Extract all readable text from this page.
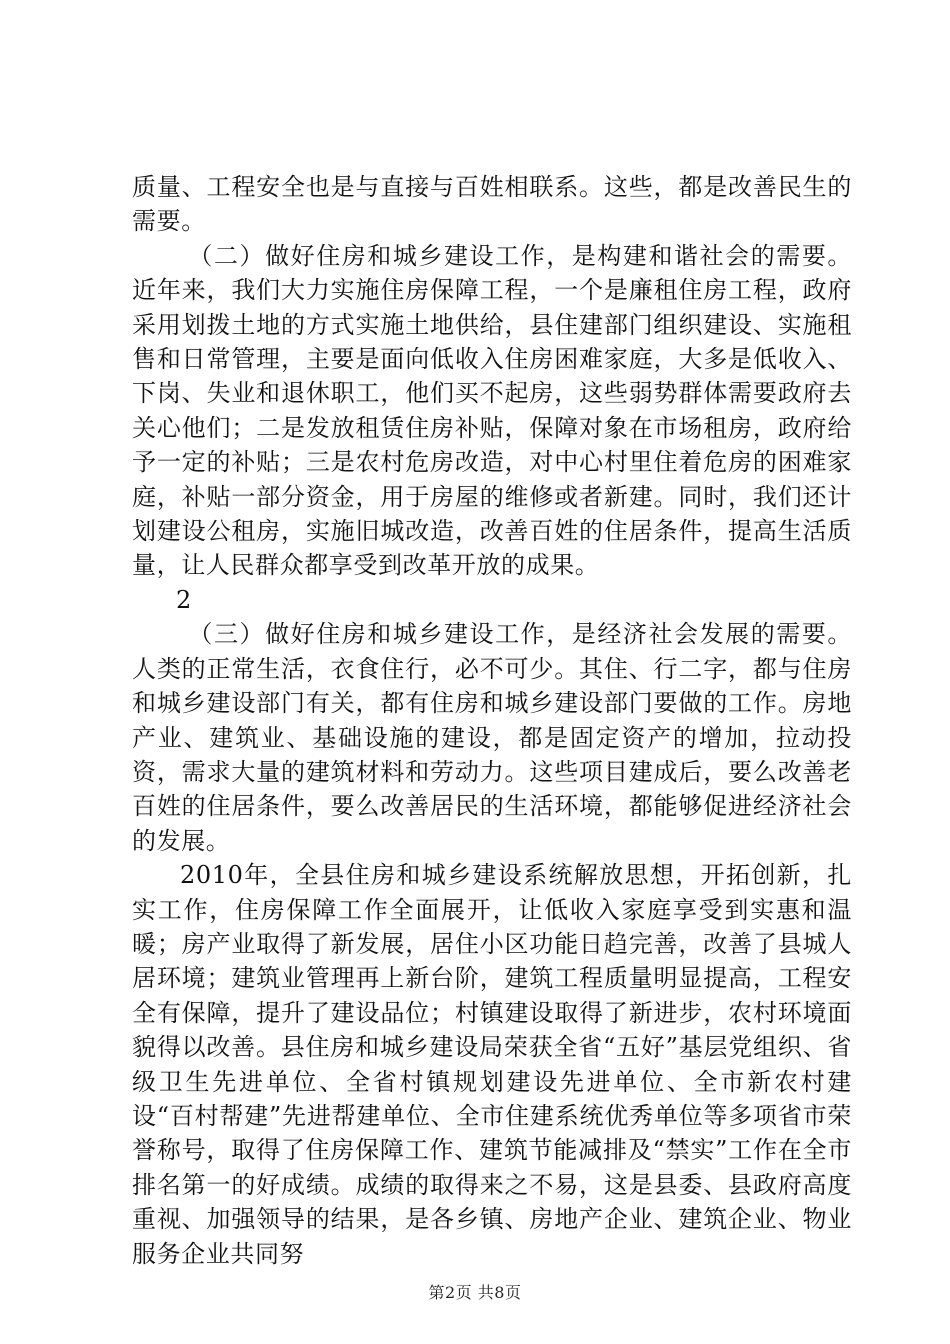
质量、工程安全也是与直接与百姓相联系。这些，都是改善民生的需要。

（二）做好住房和城乡建设工作，是构建和谐社会的需要。近年来，我们大力实施住房保障工程，一个是廉租住房工程，政府采用划拨土地的方式实施土地供给，县住建部门组织建设、实施租售和日常管理，主要是面向低收入住房困难家庭，大多是低收入、下岗、失业和退休职工，他们买不起房，这些弱势群体需要政府去关心他们；二是发放租赁住房补贴，保障对象在市场租房，政府给予一定的补贴；三是农村危房改造，对中心村里住着危房的困难家庭，补贴一部分资金，用于房屋的维修或者新建。同时，我们还计划建设公租房，实施旧城改造，改善百姓的住居条件，提高生活质量，让人民群众都享受到改革开放的成果。

2

（三）做好住房和城乡建设工作，是经济社会发展的需要。人类的正常生活，衣食住行，必不可少。其住、行二字，都与住房和城乡建设部门有关，都有住房和城乡建设部门要做的工作。房地产业、建筑业、基础设施的建设，都是固定资产的增加，拉动投资，需求大量的建筑材料和劳动力。这些项目建成后，要么改善老百姓的住居条件，要么改善居民的生活环境，都能够促进经济社会的发展。

2010年，全县住房和城乡建设系统解放思想，开拓创新，扎实工作，住房保障工作全面展开，让低收入家庭享受到实惠和温暖；房产业取得了新发展，居住小区功能日趋完善，改善了县城人居环境；建筑业管理再上新台阶，建筑工程质量明显提高，工程安全有保障，提升了建设品位；村镇建设取得了新进步，农村环境面貌得以改善。县住房和城乡建设局荣获全省“五好”基层党组织、省级卫生先进单位、全省村镇规划建设先进单位、全市新农村建设“百村帮建”先进帮建单位、全市住建系统优秀单位等多项省市荣誉称号，取得了住房保障工作、建筑节能减排及“禁实”工作在全市排名第一的好成绩。成绩的取得来之不易，这是县委、县政府高度重视、加强领导的结果，是各乡镇、房地产企业、建筑企业、物业服务企业共同努

第2页 共8页
